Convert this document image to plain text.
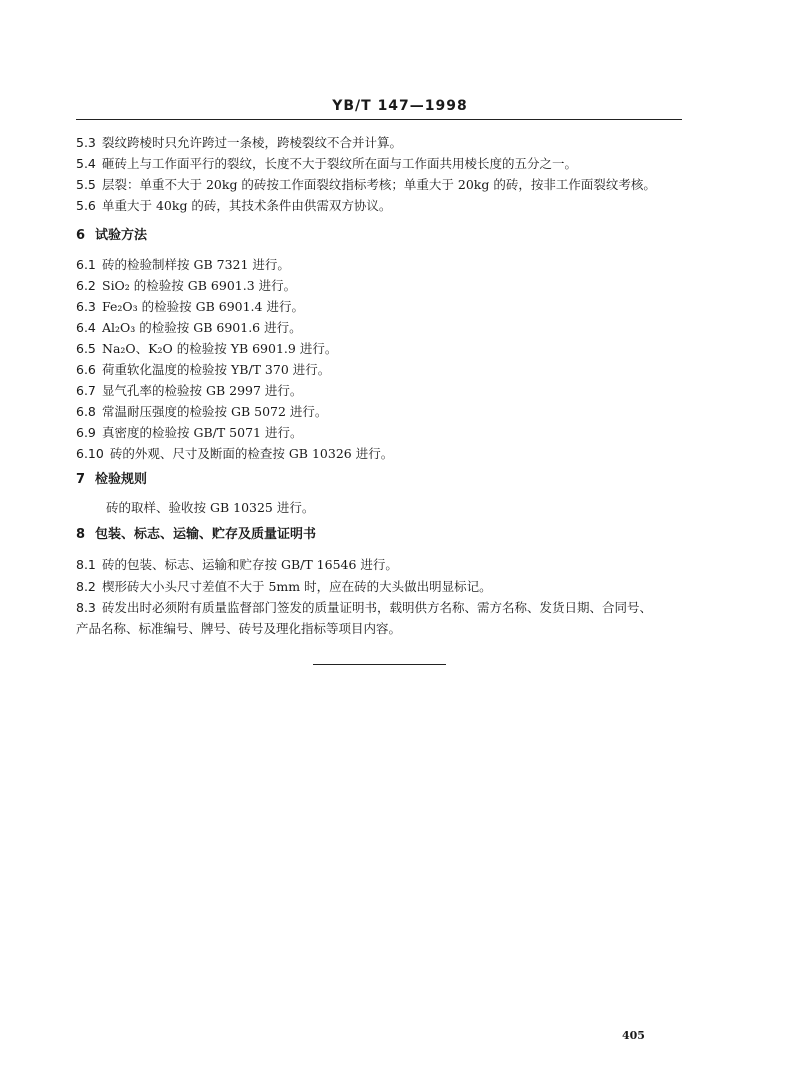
YB/T 147—1998
5.3 裂纹跨棱时只允许跨过一条棱，跨棱裂纹不合并计算。
5.4 砸砖上与工作面平行的裂纹，长度不大于裂纹所在面与工作面共用棱长度的五分之一。
5.5 层裂：单重不大于 20kg 的砖按工作面裂纹指标考核；单重大于 20kg 的砖，按非工作面裂纹考核。
5.6 单重大于 40kg 的砖，其技术条件由供需双方协议。
6 试验方法
6.1 砖的检验制样按 GB 7321 进行。
6.2 SiO₂ 的检验按 GB 6901.3 进行。
6.3 Fe₂O₃ 的检验按 GB 6901.4 进行。
6.4 Al₂O₃ 的检验按 GB 6901.6 进行。
6.5 Na₂O、K₂O 的检验按 YB 6901.9 进行。
6.6 荷重软化温度的检验按 YB/T 370 进行。
6.7 显气孔率的检验按 GB 2997 进行。
6.8 常温耐压强度的检验按 GB 5072 进行。
6.9 真密度的检验按 GB/T 5071 进行。
6.10 砖的外观、尺寸及断面的检查按 GB 10326 进行。
7 检验规则
砖的取样、验收按 GB 10325 进行。
8 包装、标志、运输、贮存及质量证明书
8.1 砖的包装、标志、运输和贮存按 GB/T 16546 进行。
8.2 楔形砖大小头尺寸差值不大于 5mm 时，应在砖的大头做出明显标记。
8.3 砖发出时必须附有质量监督部门签发的质量证明书，载明供方名称、需方名称、发货日期、合同号、
产品名称、标准编号、牌号、砖号及理化指标等项目内容。
405
